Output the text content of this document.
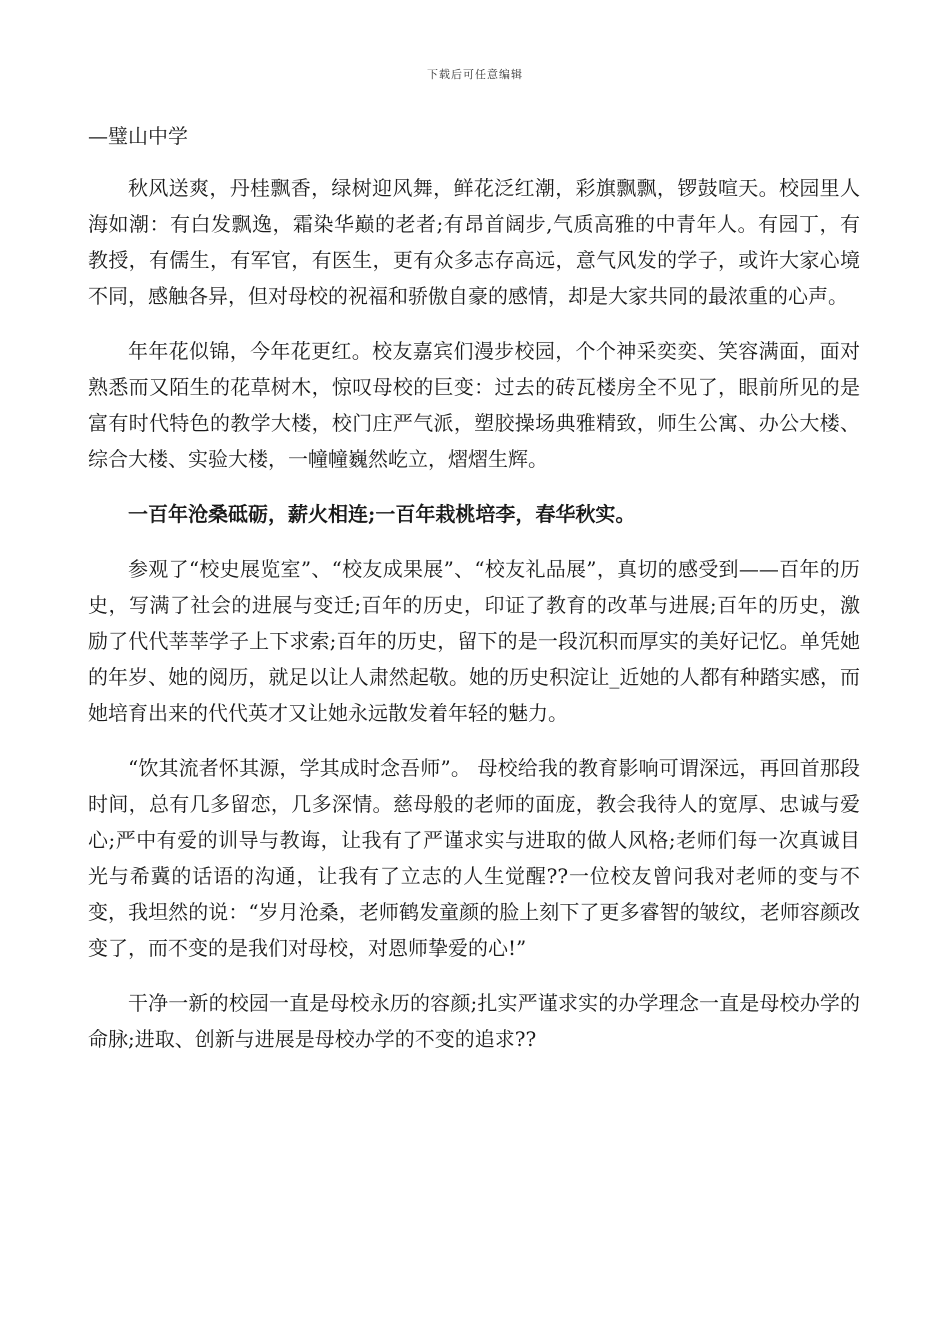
下载后可任意编辑

—璧山中学

秋风送爽，丹桂飘香，绿树迎风舞，鲜花泛红潮，彩旗飘飘，锣鼓喧天。校园里人海如潮：有白发飘逸，霜染华巅的老者;有昂首阔步,气质高雅的中青年人。有园丁，有教授，有儒生，有军官，有医生，更有众多志存高远，意气风发的学子，或许大家心境不同，感触各异，但对母校的祝福和骄傲自豪的感情，却是大家共同的最浓重的心声。

年年花似锦，今年花更红。校友嘉宾们漫步校园，个个神采奕奕、笑容满面，面对熟悉而又陌生的花草树木，惊叹母校的巨变：过去的砖瓦楼房全不见了，眼前所见的是富有时代特色的教学大楼，校门庄严气派，塑胶操场典雅精致，师生公寓、办公大楼、综合大楼、实验大楼，一幢幢巍然屹立，熠熠生辉。

一百年沧桑砥砺，薪火相连;一百年栽桃培李，春华秋实。

参观了“校史展览室”、“校友成果展”、“校友礼品展”，真切的感受到——百年的历史，写满了社会的进展与变迁;百年的历史，印证了教育的改革与进展;百年的历史，激励了代代莘莘学子上下求索;百年的历史，留下的是一段沉积而厚实的美好记忆。单凭她的年岁、她的阅历，就足以让人肃然起敬。她的历史积淀让_近她的人都有种踏实感，而她培育出来的代代英才又让她永远散发着年轻的魅力。

“饮其流者怀其源，学其成时念吾师”。 母校给我的教育影响可谓深远，再回首那段时间，总有几多留恋，几多深情。慈母般的老师的面庞，教会我待人的宽厚、忠诚与爱心;严中有爱的训导与教诲，让我有了严谨求实与进取的做人风格;老师们每一次真诚目光与希冀的话语的沟通，让我有了立志的人生觉醒??一位校友曾问我对老师的变与不变，我坦然的说：“岁月沧桑，老师鹤发童颜的脸上刻下了更多睿智的皱纹，老师容颜改变了，而不变的是我们对母校，对恩师挚爱的心!”

干净一新的校园一直是母校永历的容颜;扎实严谨求实的办学理念一直是母校办学的命脉;进取、创新与进展是母校办学的不变的追求??
